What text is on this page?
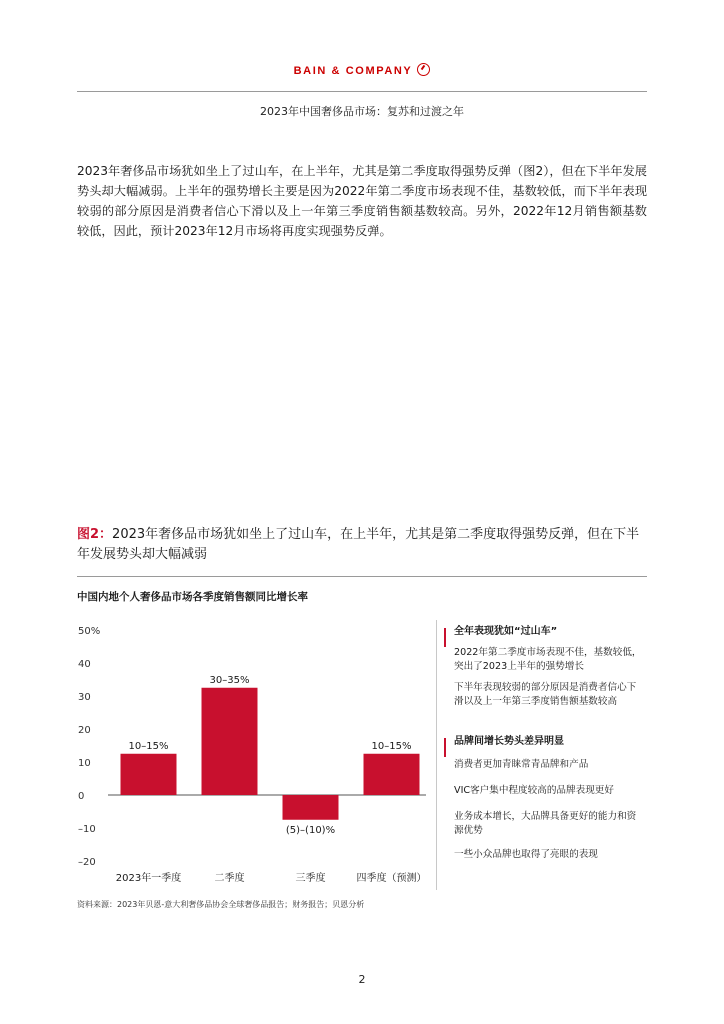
BAIN & COMPANY
2023年中国奢侈品市场：复苏和过渡之年

2023年奢侈品市场犹如坐上了过山车，在上半年，尤其是第二季度取得强势反弹（图2），但在下半年发展势头却大幅减弱。上半年的强势增长主要是因为2022年第二季度市场表现不佳，基数较低，而下半年表现较弱的部分原因是消费者信心下滑以及上一年第三季度销售额基数较高。另外，2022年12月销售额基数较低，因此，预计2023年12月市场将再度实现强势反弹。

图2：2023年奢侈品市场犹如坐上了过山车，在上半年，尤其是第二季度取得强势反弹，但在下半年发展势头却大幅减弱

中国内地个人奢侈品市场各季度销售额同比增长率
50%
40
30
20
10
0
–10
–20
10–15%
2023年一季度
30–35%
二季度
(5)–(10)%
三季度
10–15%
四季度（预测）
全年表现犹如“过山车”
2022年第二季度市场表现不佳，基数较低，突出了2023上半年的强势增长
下半年表现较弱的部分原因是消费者信心下滑以及上一年第三季度销售额基数较高
品牌间增长势头差异明显
消费者更加青睐常青品牌和产品
VIC客户集中程度较高的品牌表现更好
业务成本增长，大品牌具备更好的能力和资源优势
一些小众品牌也取得了亮眼的表现
资料来源：2023年贝恩-意大利奢侈品协会全球奢侈品报告；财务报告；贝恩分析
2
